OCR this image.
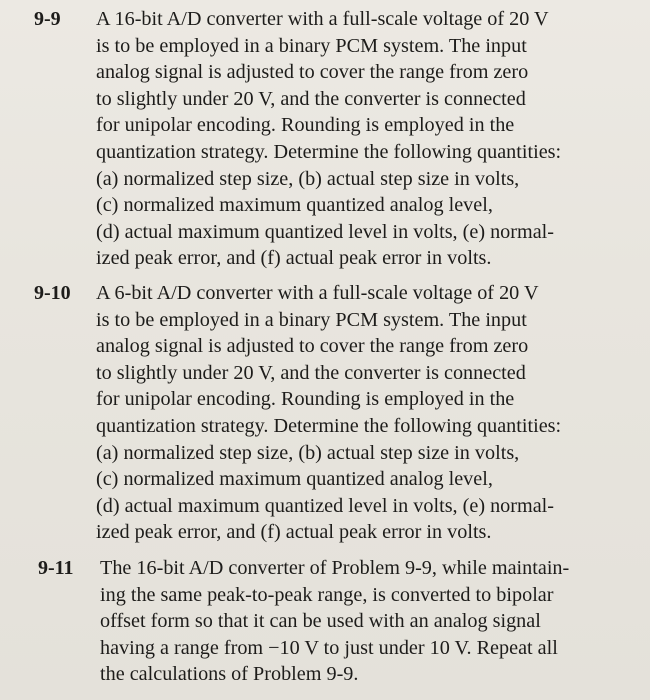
9-9 A 16-bit A/D converter with a full-scale voltage of 20 V
is to be employed in a binary PCM system. The input
analog signal is adjusted to cover the range from zero
to slightly under 20 V, and the converter is connected
for unipolar encoding. Rounding is employed in the
quantization strategy. Determine the following quantities:
(a) normalized step size, (b) actual step size in volts,
(c) normalized maximum quantized analog level,
(d) actual maximum quantized level in volts, (e) normal-
ized peak error, and (f) actual peak error in volts.
9-10 A 6-bit A/D converter with a full-scale voltage of 20 V
is to be employed in a binary PCM system. The input
analog signal is adjusted to cover the range from zero
to slightly under 20 V, and the converter is connected
for unipolar encoding. Rounding is employed in the
quantization strategy. Determine the following quantities:
(a) normalized step size, (b) actual step size in volts,
(c) normalized maximum quantized analog level,
(d) actual maximum quantized level in volts, (e) normal-
ized peak error, and (f) actual peak error in volts.
9-11 The 16-bit A/D converter of Problem 9-9, while maintain-
ing the same peak-to-peak range, is converted to bipolar
offset form so that it can be used with an analog signal
having a range from −10 V to just under 10 V. Repeat all
the calculations of Problem 9-9.
